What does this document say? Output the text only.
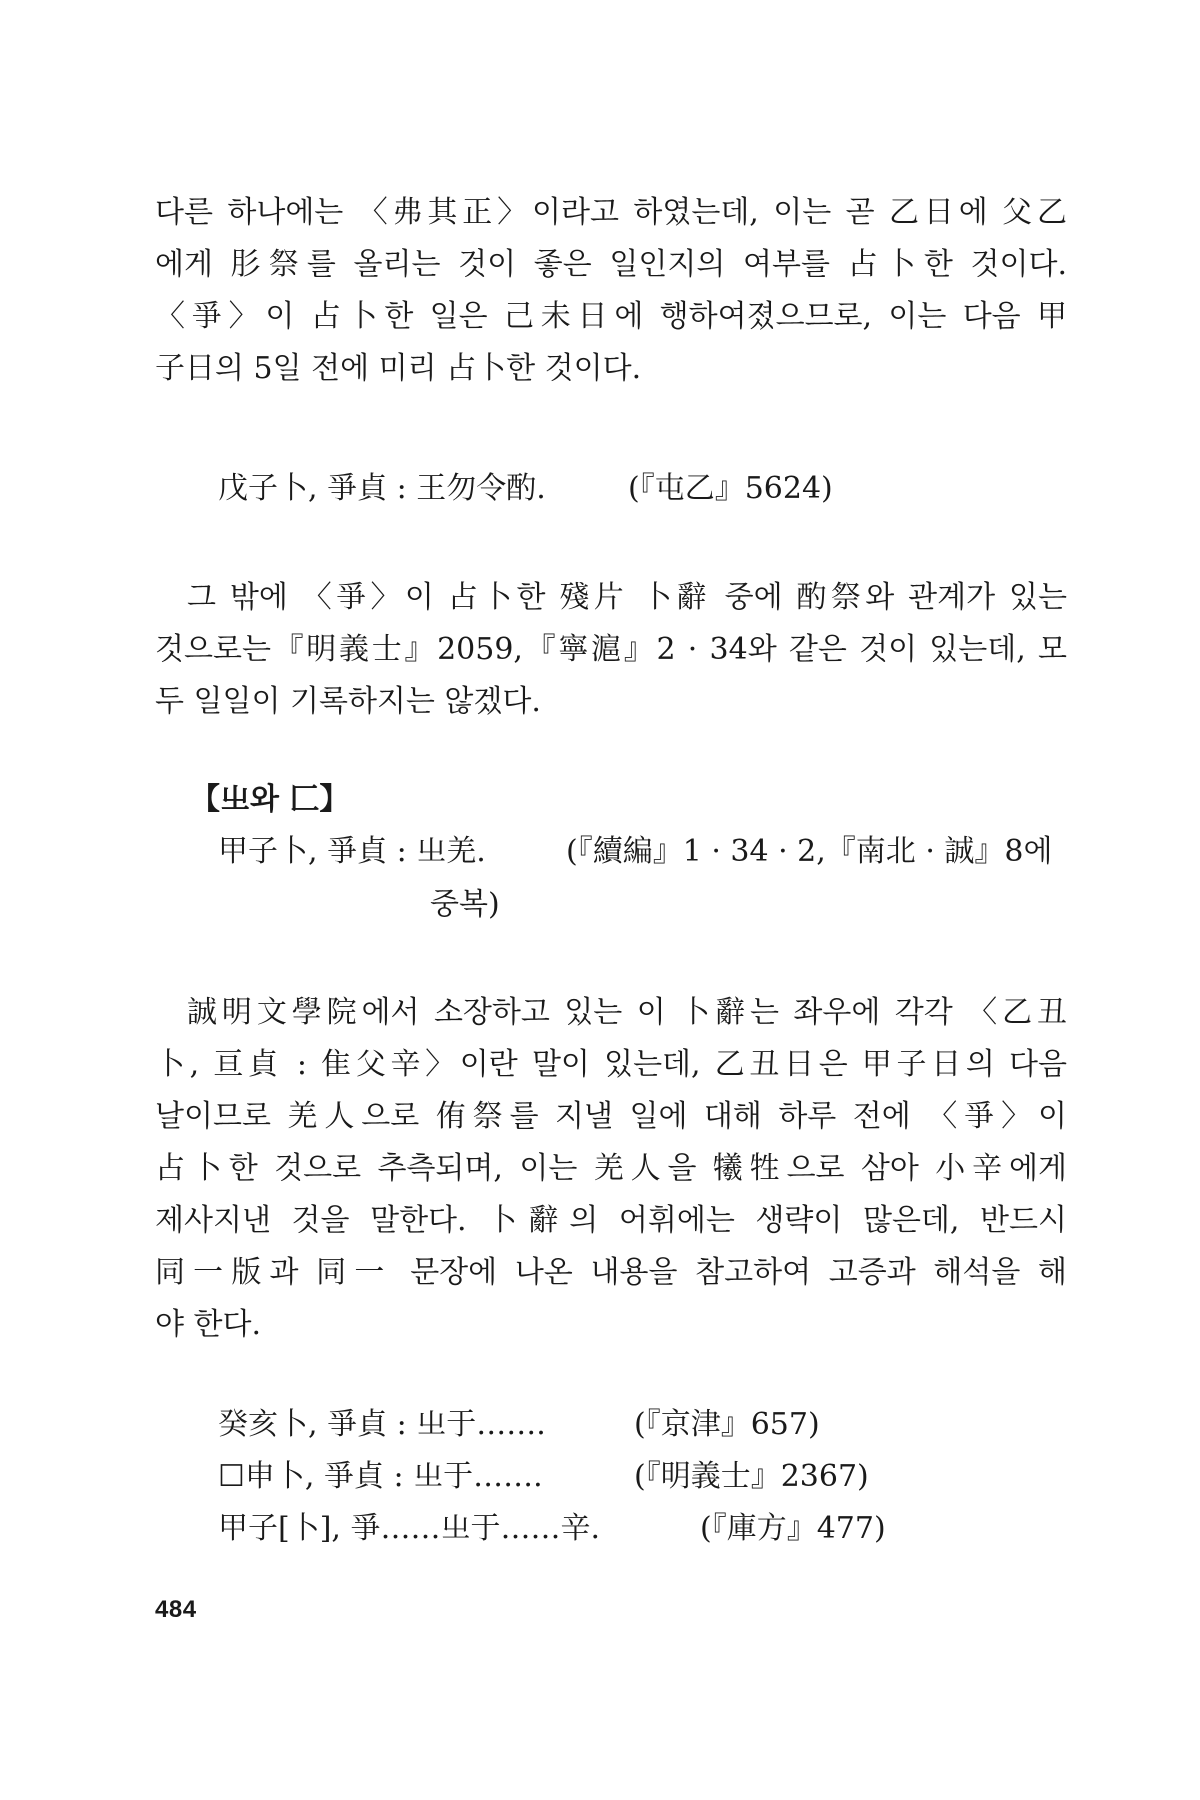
다른 하나에는 〈弗其正〉이라고 하였는데, 이는 곧 乙日에 父乙
에게 肜祭를 올리는 것이 좋은 일인지의 여부를 占卜한 것이다.
〈爭〉이 占卜한 일은 己未日에 행하여졌으므로, 이는 다음 甲
子日의 5일 전에 미리 占卜한 것이다.
戊子卜, 爭貞 : 王勿令酌.	(『屯乙』5624)
그 밖에 〈爭〉이 占卜한 殘片 卜辭 중에 酌祭와 관계가 있는
것으로는『明義士』2059,『寧滬』2 · 34와 같은 것이 있는데, 모
두 일일이 기록하지는 않겠다.
【㞢와 匚】
甲子卜, 爭貞 : 㞢羌.	(『續編』1 · 34 · 2,『南北 · 誠』8에
중복)
誠明文學院에서 소장하고 있는 이 卜辭는 좌우에 각각 〈乙丑
卜, 亘貞 : 隹父辛〉이란 말이 있는데, 乙丑日은 甲子日의 다음
날이므로 羌人으로 侑祭를 지낼 일에 대해 하루 전에 〈爭〉이
占卜한 것으로 추측되며, 이는 羌人을 犧牲으로 삼아 小辛에게
제사지낸 것을 말한다. 卜辭의 어휘에는 생략이 많은데, 반드시
同一版과 同一 문장에 나온 내용을 참고하여 고증과 해석을 해
야 한다.
癸亥卜, 爭貞 : 㞢于…….	(『京津』657)
☐申卜, 爭貞 : 㞢于…….	(『明義士』2367)
甲子[卜], 爭……㞢于……辛.	(『庫方』477)
484
